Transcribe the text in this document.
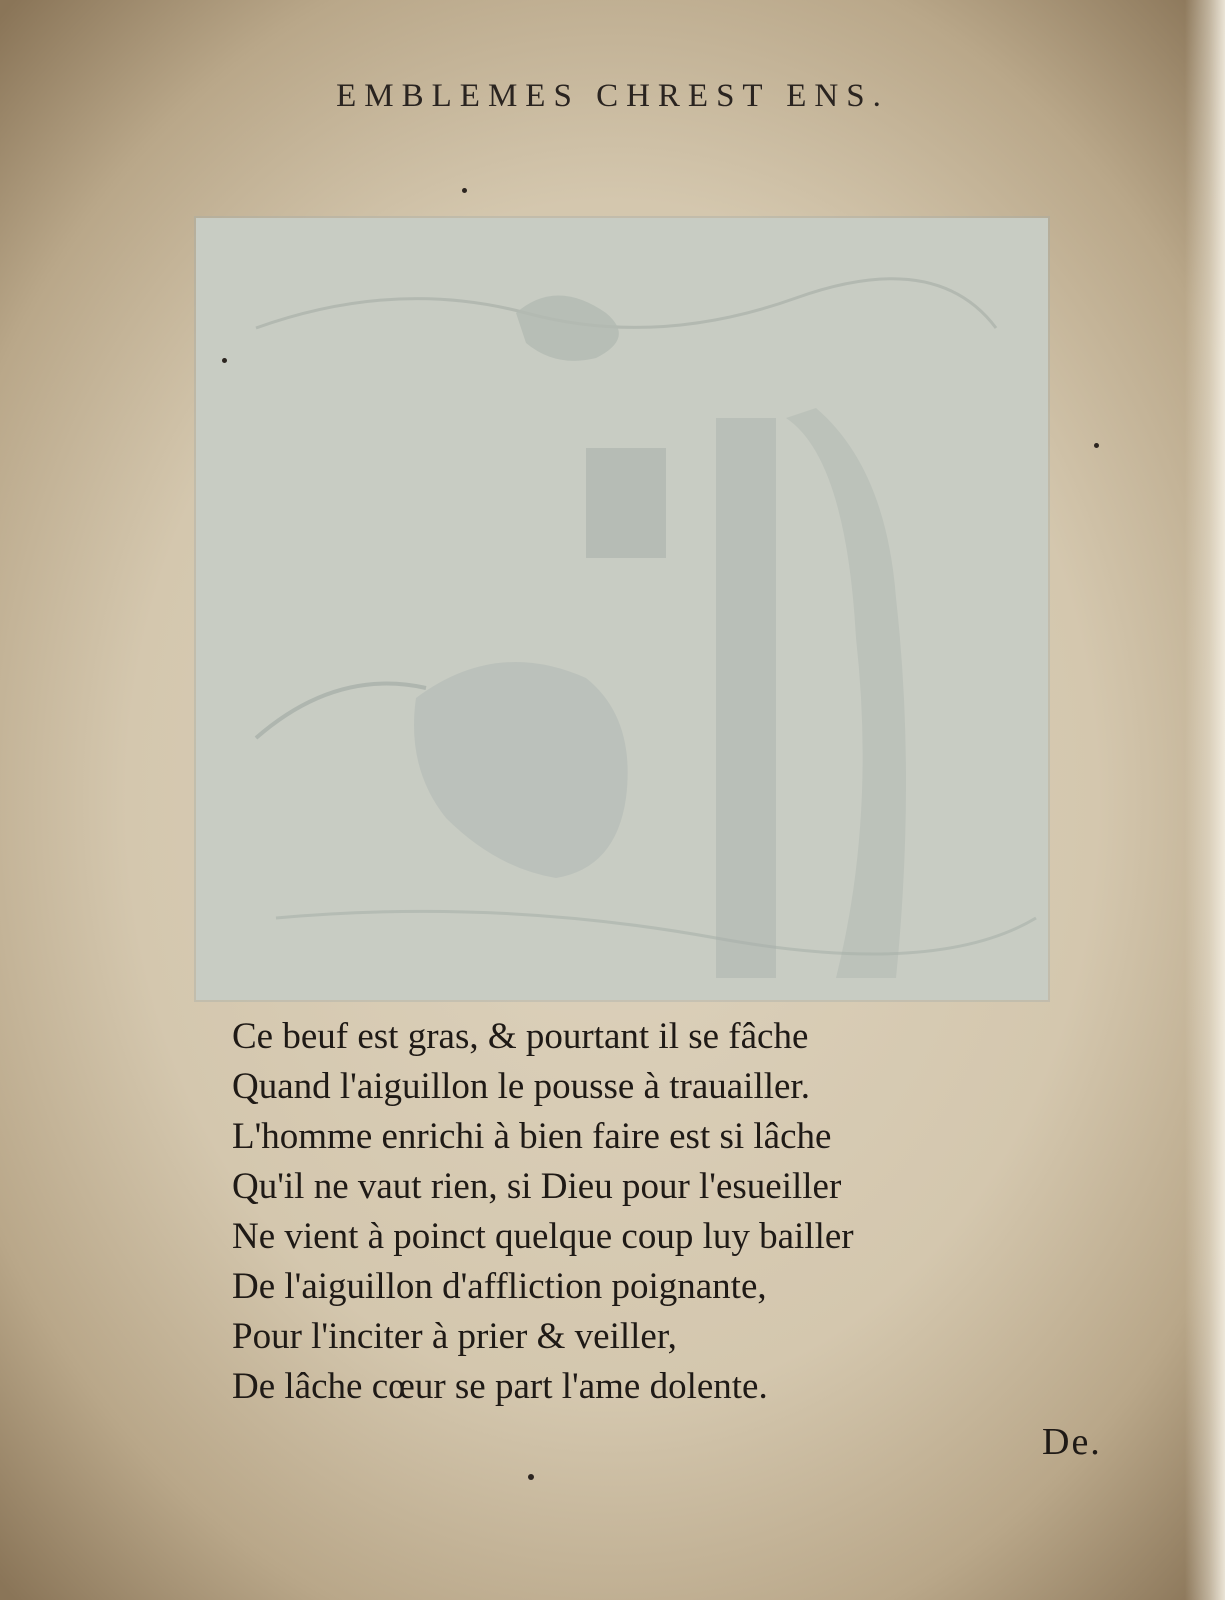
EMBLEMES CHREST ENS.
Ce beuf est gras, & pourtant il se fâche
Quand l'aiguillon le pousse à trauailler.
L'homme enrichi à bien faire est si lâche
Qu'il ne vaut rien, si Dieu pour l'esueiller
Ne vient à poinct quelque coup luy bailler
De l'aiguillon d'affliction poignante,
Pour l'inciter à prier & veiller,
De lâche cœur se part l'ame dolente.
De.
